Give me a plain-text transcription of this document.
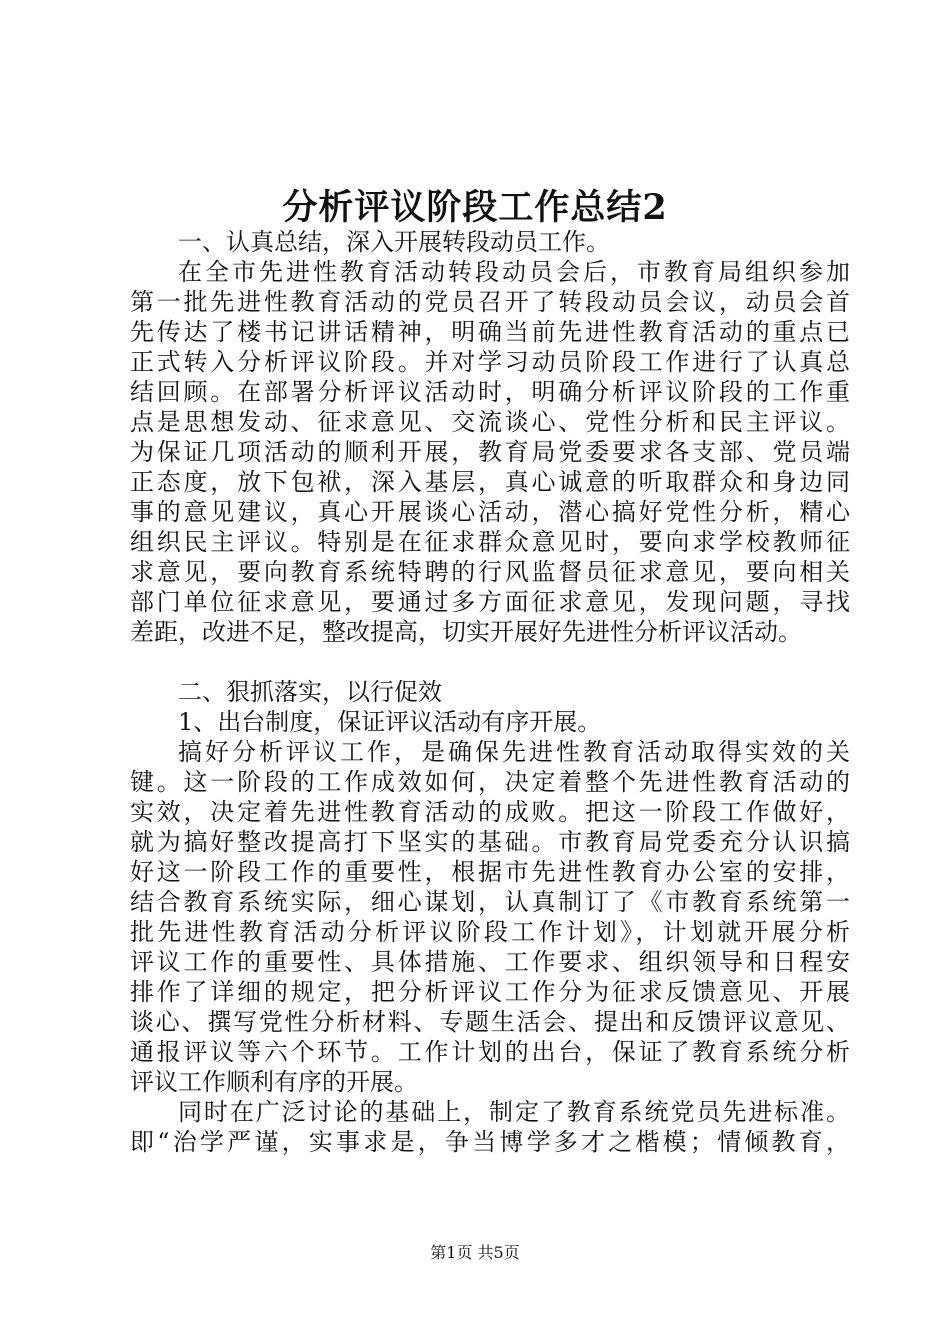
分析评议阶段工作总结2
一、认真总结，深入开展转段动员工作。
在全市先进性教育活动转段动员会后，市教育局组织参加
第一批先进性教育活动的党员召开了转段动员会议，动员会首
先传达了楼书记讲话精神，明确当前先进性教育活动的重点已
正式转入分析评议阶段。并对学习动员阶段工作进行了认真总
结回顾。在部署分析评议活动时，明确分析评议阶段的工作重
点是思想发动、征求意见、交流谈心、党性分析和民主评议。
为保证几项活动的顺利开展，教育局党委要求各支部、党员端
正态度，放下包袱，深入基层，真心诚意的听取群众和身边同
事的意见建议，真心开展谈心活动，潜心搞好党性分析，精心
组织民主评议。特别是在征求群众意见时，要向求学校教师征
求意见，要向教育系统特聘的行风监督员征求意见，要向相关
部门单位征求意见，要通过多方面征求意见，发现问题，寻找
差距，改进不足，整改提高，切实开展好先进性分析评议活动。
二、狠抓落实，以行促效
1、出台制度，保证评议活动有序开展。
搞好分析评议工作，是确保先进性教育活动取得实效的关
键。这一阶段的工作成效如何，决定着整个先进性教育活动的
实效，决定着先进性教育活动的成败。把这一阶段工作做好，
就为搞好整改提高打下坚实的基础。市教育局党委充分认识搞
好这一阶段工作的重要性，根据市先进性教育办公室的安排，
结合教育系统实际，细心谋划，认真制订了《市教育系统第一
批先进性教育活动分析评议阶段工作计划》，计划就开展分析
评议工作的重要性、具体措施、工作要求、组织领导和日程安
排作了详细的规定，把分析评议工作分为征求反馈意见、开展
谈心、撰写党性分析材料、专题生活会、提出和反馈评议意见、
通报评议等六个环节。工作计划的出台，保证了教育系统分析
评议工作顺利有序的开展。
同时在广泛讨论的基础上，制定了教育系统党员先进标准。
即“治学严谨，实事求是，争当博学多才之楷模；情倾教育，
第1页 共5页
